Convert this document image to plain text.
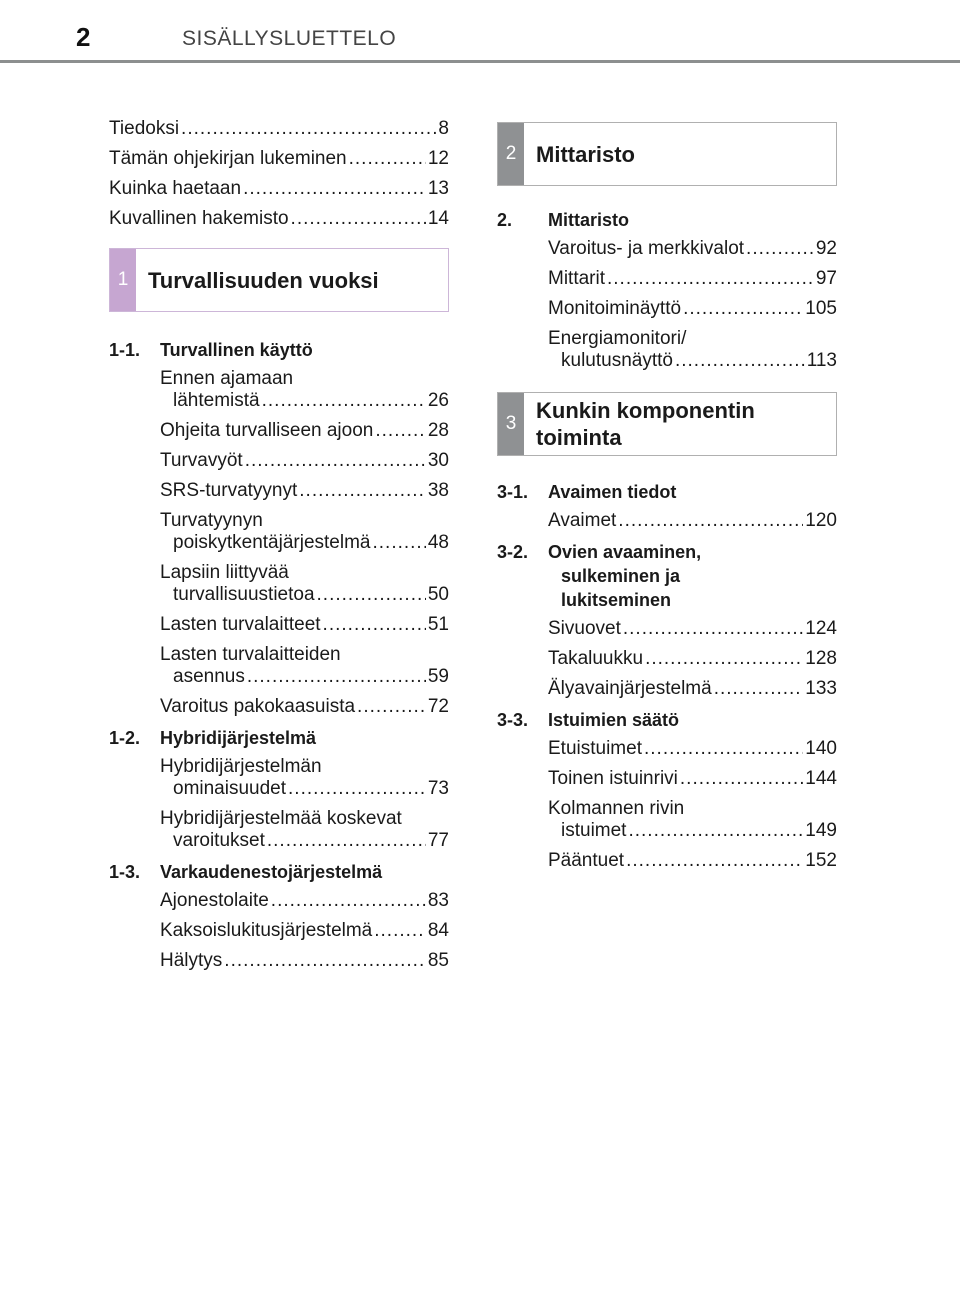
2	SISÄLLYSLUETTELO
Tiedoksi .....	8
Tämän ohjekirjan lukeminen .....	12
Kuinka haetaan .....	13
Kuvallinen hakemisto .....	14
1 Turvallisuuden vuoksi
1-1.	Turvallinen käyttö
Ennen ajamaan
lähtemistä .....	26
Ohjeita turvalliseen ajoon .....	28
Turvavyöt .....	30
SRS-turvatyynyt .....	38
Turvatyynyn
poiskytkentäjärjestelmä .....	48
Lapsiin liittyvää
turvallisuustietoa .....	50
Lasten turvalaitteet .....	51
Lasten turvalaitteiden
asennus .....	59
Varoitus pakokaasuista .....	72
1-2.	Hybridijärjestelmä
Hybridijärjestelmän
ominaisuudet .....	73
Hybridijärjestelmää koskevat
varoitukset .....	77
1-3.	Varkaudenestojärjestelmä
Ajonestolaite .....	83
Kaksoislukitusjärjestelmä .....	84
Hälytys .....	85
2 Mittaristo
2.	Mittaristo
Varoitus- ja merkkivalot .....	92
Mittarit .....	97
Monitoiminäyttö .....	105
Energiamonitori/
kulutusnäyttö .....	113
3
Kunkin komponentin
toiminta
3-1.	Avaimen tiedot
Avaimet .....	120
3-2.	Ovien avaaminen,
sulkeminen ja
lukitseminen
Sivuovet .....	124
Takaluukku .....	128
Älyavainjärjestelmä .....	133
3-3.	Istuimien säätö
Etuistuimet .....	140
Toinen istuinrivi .....	144
Kolmannen rivin
istuimet .....	149
Pääntuet .....	152
